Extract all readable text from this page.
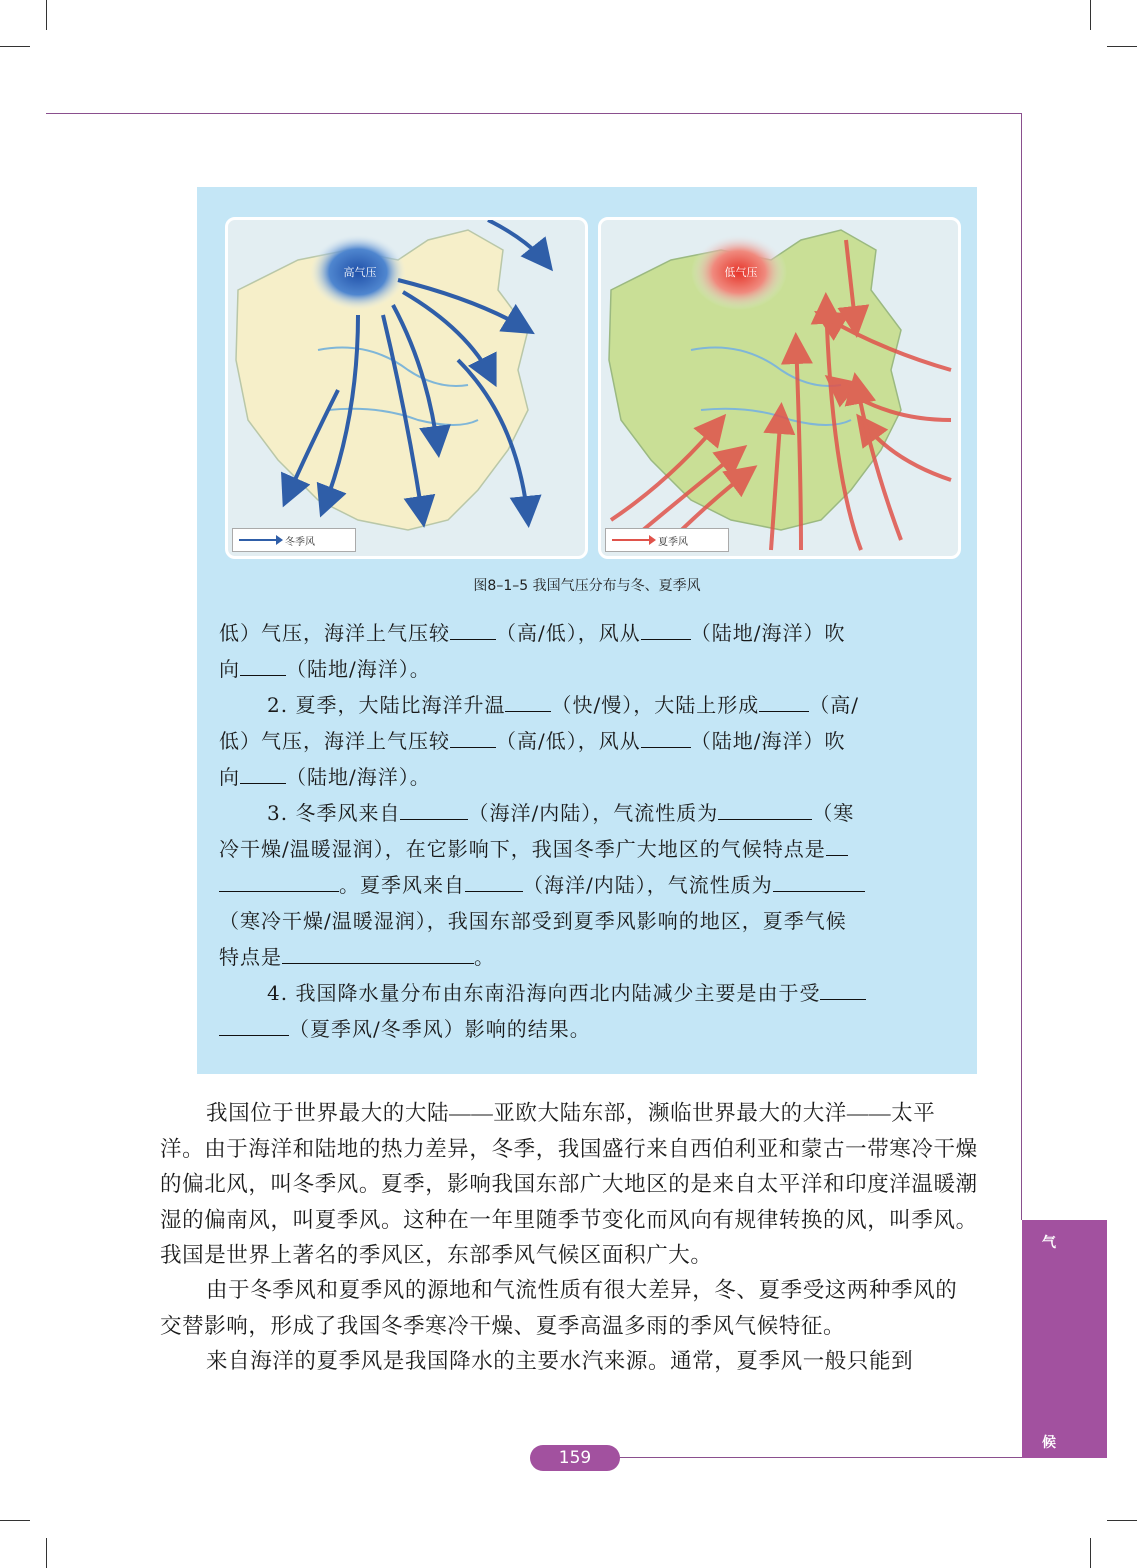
高气压
冬季风
低气压
夏季风
图8–1–5 我国气压分布与冬、夏季风

低）气压，海洋上气压较 （高/低），风从	（陆地/海洋）吹

向 （陆地/海洋）。

2. 夏季，大陆比海洋升温 （快/慢），大陆上形成	（高/

低）气压，海洋上气压较 （高/低），风从	（陆地/海洋）吹

向 （陆地/海洋）。

3. 冬季风来自	（海洋/内陆），气流性质为	（寒

冷干燥/温暖湿润），在它影响下，我国冬季广大地区的气候特点是

。夏季风来自	（海洋/内陆），气流性质为

（寒冷干燥/温暖湿润），我国东部受到夏季风影响的地区，夏季气候

特点是	。

4. 我国降水量分布由东南沿海向西北内陆减少主要是由于受

（夏季风/冬季风）影响的结果。

我国位于世界最大的大陆——亚欧大陆东部，濒临世界最大的大洋——太平洋。由于海洋和陆地的热力差异，冬季，我国盛行来自西伯利亚和蒙古一带寒冷干燥的偏北风，叫冬季风。夏季，影响我国东部广大地区的是来自太平洋和印度洋温暖潮湿的偏南风，叫夏季风。这种在一年里随季节变化而风向有规律转换的风，叫季风。我国是世界上著名的季风区，东部季风气候区面积广大。

由于冬季风和夏季风的源地和气流性质有很大差异，冬、夏季受这两种季风的交替影响，形成了我国冬季寒冷干燥、夏季高温多雨的季风气候特征。

来自海洋的夏季风是我国降水的主要水汽来源。通常，夏季风一般只能到

气
候
159
